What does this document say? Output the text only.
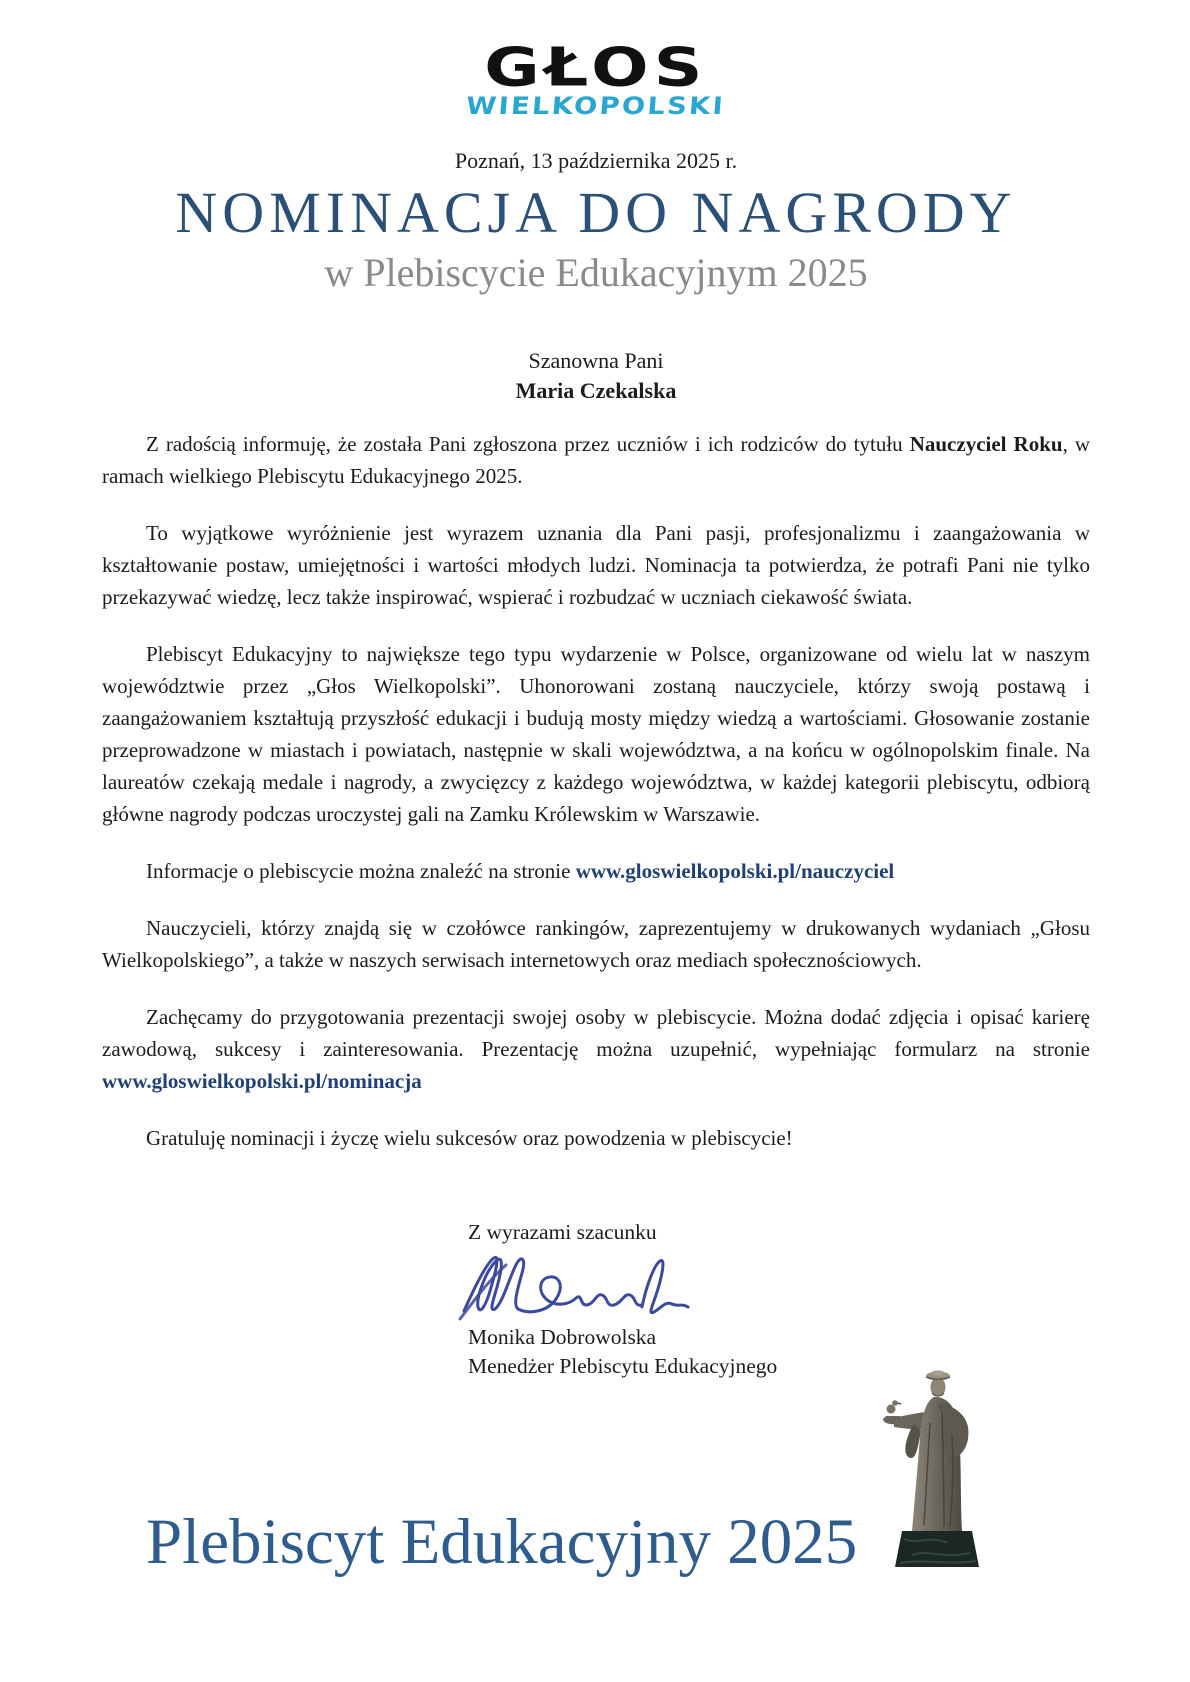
GŁOS
WIELKOPOLSKI
Poznań, 13 października 2025 r.
NOMINACJA DO NAGRODY
w Plebiscycie Edukacyjnym 2025
Szanowna Pani
Maria Czekalska

Z radością informuję, że została Pani zgłoszona przez uczniów i ich rodziców do tytułu Nauczyciel Roku, w ramach wielkiego Plebiscytu Edukacyjnego 2025.

To wyjątkowe wyróżnienie jest wyrazem uznania dla Pani pasji, profesjonalizmu i zaangażowania w kształtowanie postaw, umiejętności i wartości młodych ludzi. Nominacja ta potwierdza, że potrafi Pani nie tylko przekazywać wiedzę, lecz także inspirować, wspierać i rozbudzać w uczniach ciekawość świata.

Plebiscyt Edukacyjny to największe tego typu wydarzenie w Polsce, organizowane od wielu lat w naszym województwie przez „Głos Wielkopolski”. Uhonorowani zostaną nauczyciele, którzy swoją postawą i zaangażowaniem kształtują przyszłość edukacji i budują mosty między wiedzą a wartościami. Głosowanie zostanie przeprowadzone w miastach i powiatach, następnie w skali województwa, a na końcu w ogólnopolskim finale. Na laureatów czekają medale i nagrody, a zwycięzcy z każdego województwa, w każdej kategorii plebiscytu, odbiorą główne nagrody podczas uroczystej gali na Zamku Królewskim w Warszawie.

Informacje o plebiscycie można znaleźć na stronie www.gloswielkopolski.pl/nauczyciel

Nauczycieli, którzy znajdą się w czołówce rankingów, zaprezentujemy w drukowanych wydaniach „Głosu Wielkopolskiego”, a także w naszych serwisach internetowych oraz mediach społecznościowych.

Zachęcamy do przygotowania prezentacji swojej osoby w plebiscycie. Można dodać zdjęcia i opisać karierę zawodową, sukcesy i zainteresowania. Prezentację można uzupełnić, wypełniając formularz na stronie www.gloswielkopolski.pl/nominacja

Gratuluję nominacji i życzę wielu sukcesów oraz powodzenia w plebiscycie!

Z wyrazami szacunku
Monika Dobrowolska
Menedżer Plebiscytu Edukacyjnego
Plebiscyt Edukacyjny 2025
